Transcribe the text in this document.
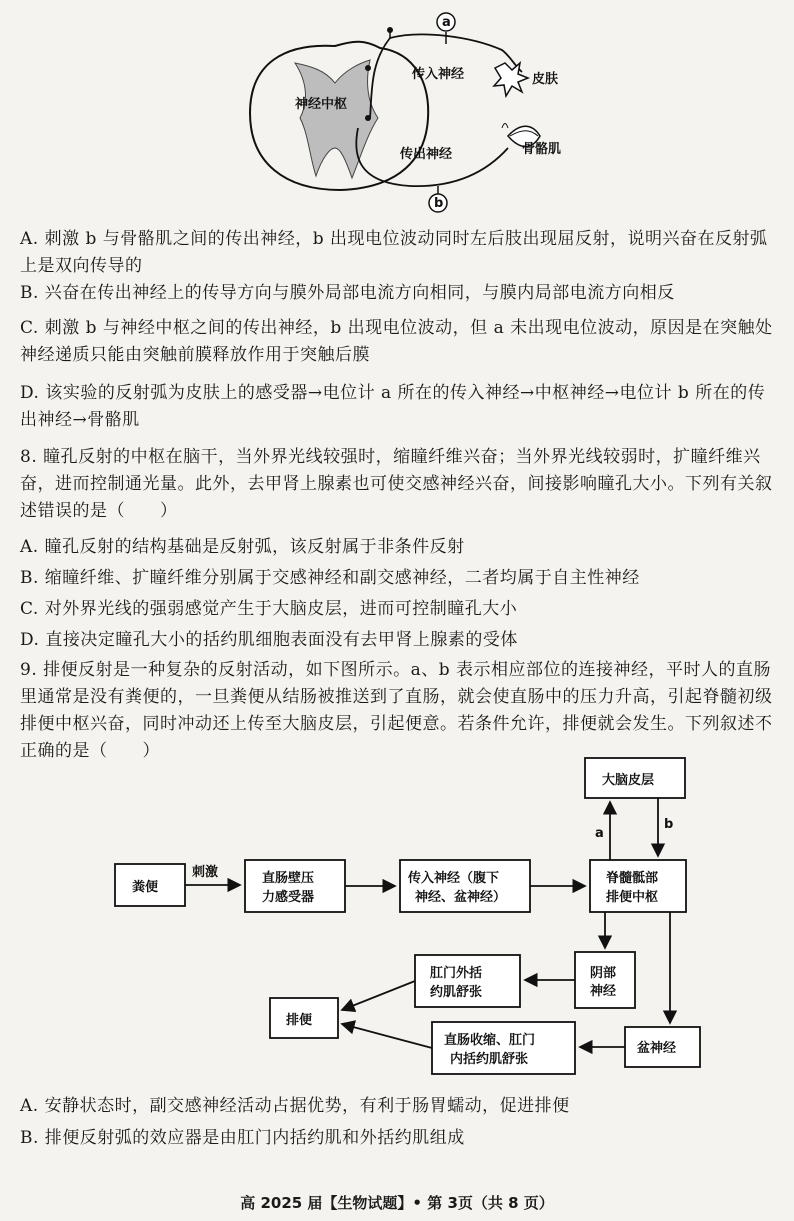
神经中枢
a
皮肤
传入神经
骨骼肌
传出神经
b
A. 刺激 b 与骨骼肌之间的传出神经，b 出现电位波动同时左后肢出现屈反射，说明兴奋在反射弧上是双向传导的
B. 兴奋在传出神经上的传导方向与膜外局部电流方向相同，与膜内局部电流方向相反
C. 刺激 b 与神经中枢之间的传出神经，b 出现电位波动，但 a 未出现电位波动，原因是在突触处神经递质只能由突触前膜释放作用于突触后膜
D. 该实验的反射弧为皮肤上的感受器→电位计 a 所在的传入神经→中枢神经→电位计 b 所在的传出神经→骨骼肌
8. 瞳孔反射的中枢在脑干，当外界光线较强时，缩瞳纤维兴奋；当外界光线较弱时，扩瞳纤维兴奋，进而控制通光量。此外，去甲肾上腺素也可使交感神经兴奋，间接影响瞳孔大小。下列有关叙述错误的是（　　）
A. 瞳孔反射的结构基础是反射弧，该反射属于非条件反射
B. 缩瞳纤维、扩瞳纤维分别属于交感神经和副交感神经，二者均属于自主性神经
C. 对外界光线的强弱感觉产生于大脑皮层，进而可控制瞳孔大小
D. 直接决定瞳孔大小的括约肌细胞表面没有去甲肾上腺素的受体
9. 排便反射是一种复杂的反射活动，如下图所示。a、b 表示相应部位的连接神经，平时人的直肠里通常是没有粪便的，一旦粪便从结肠被推送到了直肠，就会使直肠中的压力升高，引起脊髓初级排便中枢兴奋，同时冲动还上传至大脑皮层，引起便意。若条件允许，排便就会发生。下列叙述不正确的是（　　）
粪便
刺激	直肠壁压
力感受器
传入神经（腹下
神经、盆神经）
脊髓骶部
排便中枢
大脑皮层
a
b
阴部
神经
肛门外括
约肌舒张
排便
盆神经
直肠收缩、肛门
内括约肌舒张
A. 安静状态时，副交感神经活动占据优势，有利于肠胃蠕动，促进排便
B. 排便反射弧的效应器是由肛门内括约肌和外括约肌组成
高 2025 届【生物试题】• 第 3页（共 8 页）
